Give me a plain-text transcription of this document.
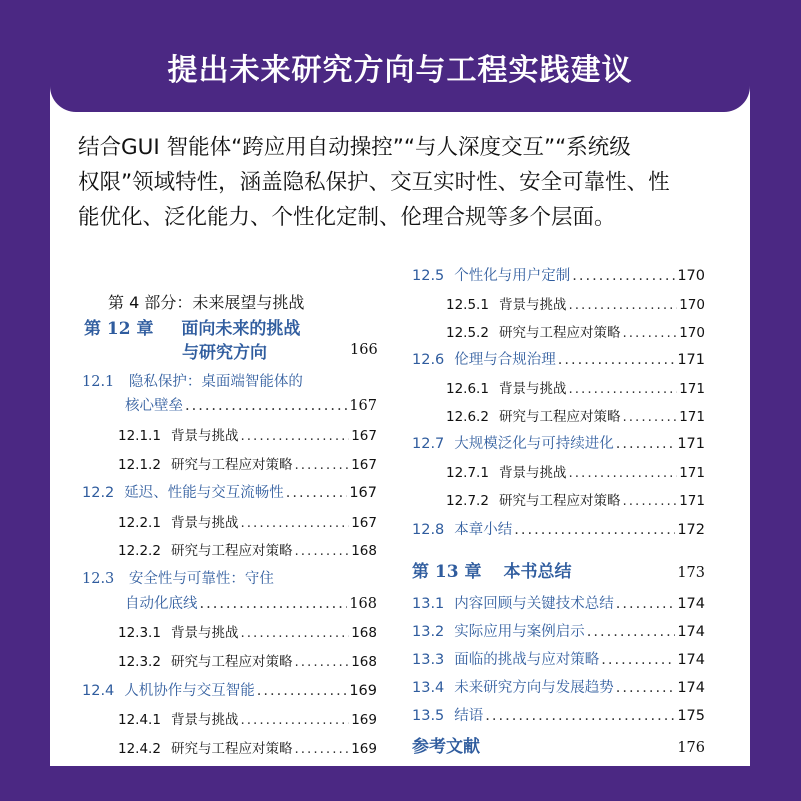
提出未来研究方向与工程实践建议
结合GUI 智能体“跨应用自动操控”“与人深度交互”“系统级
权限”领域特性，涵盖隐私保护、交互实时性、安全可靠性、性
能优化、泛化能力、个性化定制、伦理合规等多个层面。
第 4 部分：未来展望与挑战
第 12 章 面向未来的挑战
与研究方向	166
12.1 隐私保护：桌面端智能体的
核心壁垒 .....	167
12.1.1 背景与挑战 .....	167
12.1.2 研究与工程应对策略 .....	167
12.2 延迟、性能与交互流畅性 .....	167
12.2.1 背景与挑战 .....	167
12.2.2 研究与工程应对策略 .....	168
12.3 安全性与可靠性：守住
自动化底线 .....	168
12.3.1 背景与挑战 .....	168
12.3.2 研究与工程应对策略 .....	168
12.4 人机协作与交互智能 .....	169
12.4.1 背景与挑战 .....	169
12.4.2 研究与工程应对策略 .....	169
12.5 个性化与用户定制 .....	170
12.5.1 背景与挑战 .....	170
12.5.2 研究与工程应对策略 .....	170
12.6 伦理与合规治理 .....	171
12.6.1 背景与挑战 .....	171
12.6.2 研究与工程应对策略 .....	171
12.7 大规模泛化与可持续进化 .....	171
12.7.1 背景与挑战 .....	171
12.7.2 研究与工程应对策略 .....	171
12.8 本章小结 .....	172
第 13 章 本书总结	173
13.1 内容回顾与关键技术总结 .....	174
13.2 实际应用与案例启示 .....	174
13.3 面临的挑战与应对策略 .....	174
13.4 未来研究方向与发展趋势 .....	174
13.5 结语 .....	175
参考文献	176
